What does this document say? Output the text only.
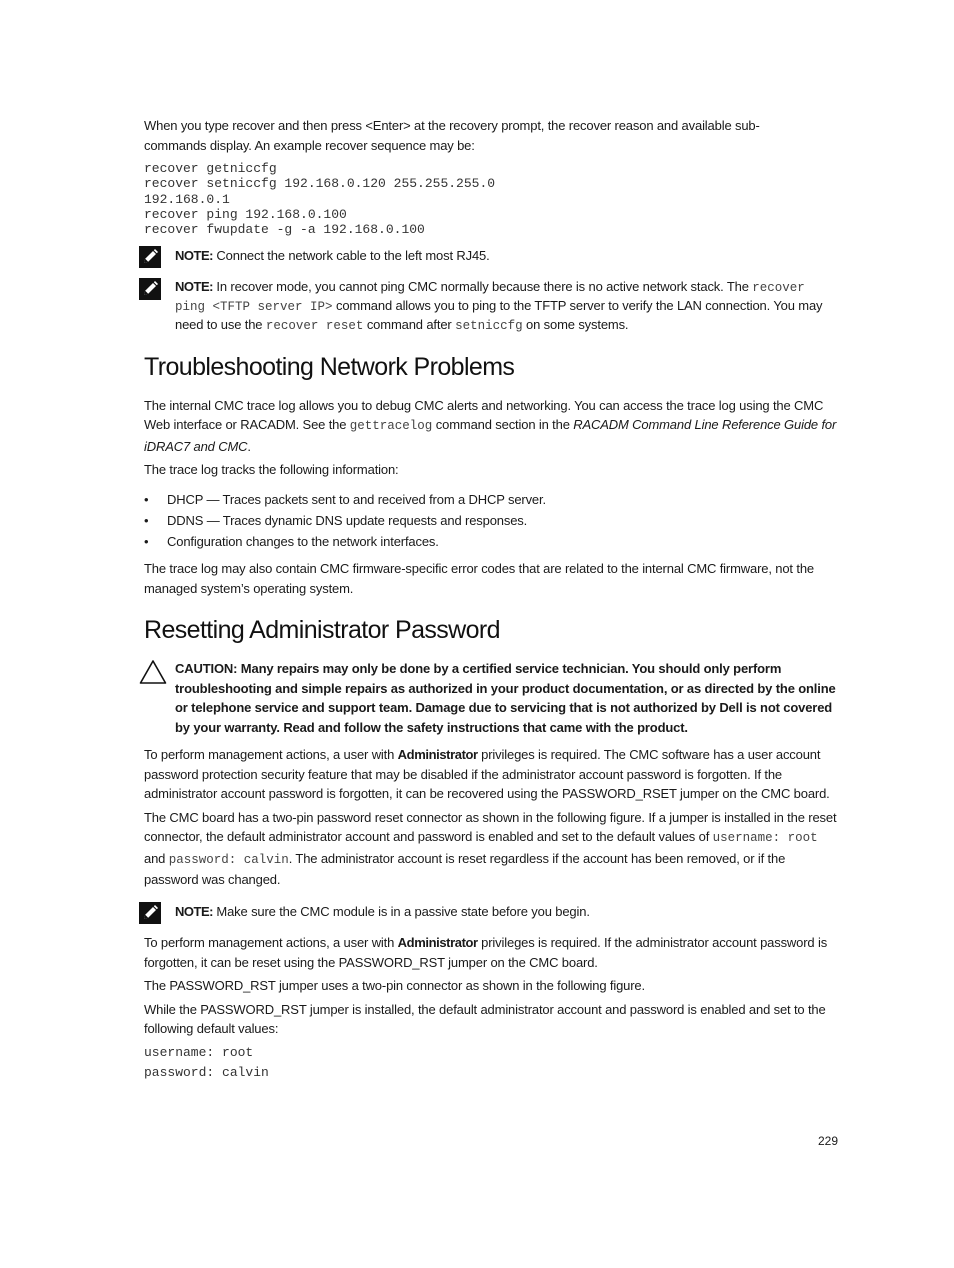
When you type recover and then press <Enter> at the recovery prompt, the recover reason and available sub-commands display. An example recover sequence may be:

recover getniccfg
recover setniccfg 192.168.0.120 255.255.255.0
192.168.0.1
recover ping 192.168.0.100
recover fwupdate -g -a 192.168.0.100

NOTE: Connect the network cable to the left most RJ45.

NOTE: In recover mode, you cannot ping CMC normally because there is no active network stack. The recover ping <TFTP server IP> command allows you to ping to the TFTP server to verify the LAN connection. You may need to use the recover reset command after setniccfg on some systems.

Troubleshooting Network Problems

The internal CMC trace log allows you to debug CMC alerts and networking. You can access the trace log using the CMC Web interface or RACADM. See the gettracelog command section in the RACADM Command Line Reference Guide for iDRAC7 and CMC.

The trace log tracks the following information:

• DHCP — Traces packets sent to and received from a DHCP server.
• DDNS — Traces dynamic DNS update requests and responses.
• Configuration changes to the network interfaces.

The trace log may also contain CMC firmware-specific error codes that are related to the internal CMC firmware, not the managed system’s operating system.

Resetting Administrator Password

CAUTION: Many repairs may only be done by a certified service technician. You should only perform troubleshooting and simple repairs as authorized in your product documentation, or as directed by the online or telephone service and support team. Damage due to servicing that is not authorized by Dell is not covered by your warranty. Read and follow the safety instructions that came with the product.

To perform management actions, a user with Administrator privileges is required. The CMC software has a user account password protection security feature that may be disabled if the administrator account password is forgotten. If the administrator account password is forgotten, it can be recovered using the PASSWORD_RSET jumper on the CMC board.

The CMC board has a two-pin password reset connector as shown in the following figure. If a jumper is installed in the reset connector, the default administrator account and password is enabled and set to the default values of username: root and password: calvin. The administrator account is reset regardless if the account has been removed, or if the password was changed.

NOTE: Make sure the CMC module is in a passive state before you begin.

To perform management actions, a user with Administrator privileges is required. If the administrator account password is forgotten, it can be reset using the PASSWORD_RST jumper on the CMC board.

The PASSWORD_RST jumper uses a two-pin connector as shown in the following figure.

While the PASSWORD_RST jumper is installed, the default administrator account and password is enabled and set to the following default values:

username: root
password: calvin
229
